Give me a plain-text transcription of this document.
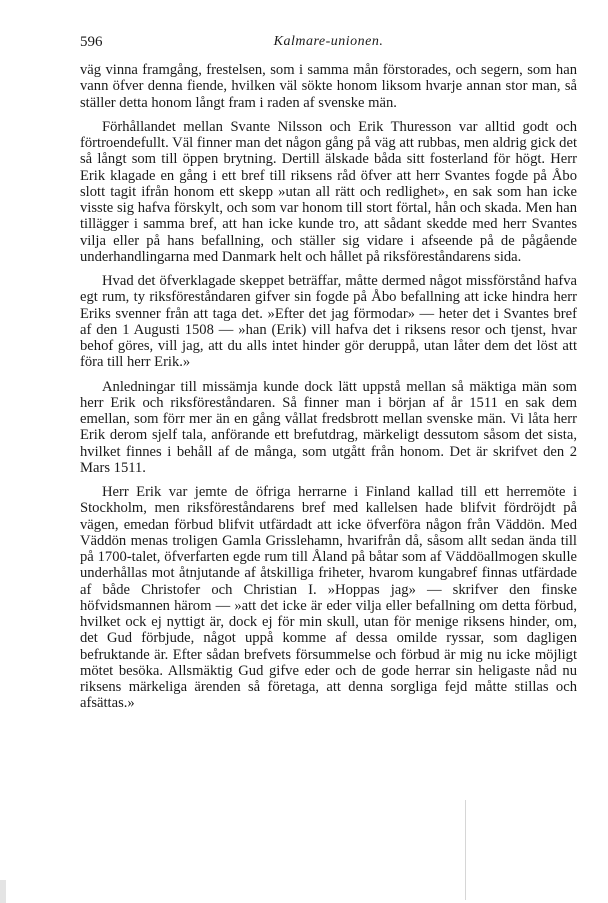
596	Kalmare-unionen.

väg vinna framgång, frestelsen, som i samma mån förstorades, och segern, som han vann öfver denna fiende, hvilken väl sökte honom liksom hvarje annan stor man, så ställer detta honom långt fram i raden af svenske män.

Förhållandet mellan Svante Nilsson och Erik Thuresson var alltid godt och förtroendefullt. Väl finner man det någon gång på väg att rubbas, men aldrig gick det så långt som till öppen brytning. Dertill älskade båda sitt fosterland för högt. Herr Erik klagade en gång i ett bref till riksens råd öfver att herr Svantes fogde på Åbo slott tagit ifrån honom ett skepp »utan all rätt och redlighet», en sak som han icke visste sig hafva förskylt, och som var honom till stort förtal, hån och skada. Men han tillägger i samma bref, att han icke kunde tro, att sådant skedde med herr Svantes vilja eller på hans befallning, och ställer sig vidare i afseende på de pågående underhandlingarna med Danmark helt och hållet på riksföreståndarens sida.

Hvad det öfverklagade skeppet beträffar, måtte dermed något missförstånd hafva egt rum, ty riksföreståndaren gifver sin fogde på Åbo befallning att icke hindra herr Eriks svenner från att taga det. »Efter det jag förmodar» — heter det i Svantes bref af den 1 Augusti 1508 — »han (Erik) vill hafva det i riksens resor och tjenst, hvar behof göres, vill jag, att du alls intet hinder gör deruppå, utan låter dem det löst att föra till herr Erik.»

Anledningar till missämja kunde dock lätt uppstå mellan så mäktiga män som herr Erik och riksföreståndaren. Så finner man i början af år 1511 en sak dem emellan, som förr mer än en gång vållat fredsbrott mellan svenske män. Vi låta herr Erik derom sjelf tala, anförande ett brefutdrag, märkeligt dessutom såsom det sista, hvilket finnes i behåll af de många, som utgått från honom. Det är skrifvet den 2 Mars 1511.

Herr Erik var jemte de öfriga herrarne i Finland kallad till ett herremöte i Stockholm, men riksföreståndarens bref med kallelsen hade blifvit fördröjdt på vägen, emedan förbud blifvit utfärdadt att icke öfverföra någon från Väddön. Med Väddön menas troligen Gamla Grisslehamn, hvarifrån då, såsom allt sedan ända till på 1700-talet, öfverfarten egde rum till Åland på båtar som af Väddöallmogen skulle underhållas mot åtnjutande af åtskilliga friheter, hvarom kungabref finnas utfärdade af både Christofer och Christian I. »Hoppas jag» — skrifver den finske höfvidsmannen härom — »att det icke är eder vilja eller befallning om detta förbud, hvilket ock ej nyttigt är, dock ej för min skull, utan för menige riksens hinder, om, det Gud förbjude, något uppå komme af dessa omilde ryssar, som dagligen befruktande är. Efter sådan brefvets försummelse och förbud är mig nu icke möjligt mötet besöka. Allsmäktig Gud gifve eder och de gode herrar sin heligaste nåd nu riksens märkeliga ärenden så företaga, att denna sorgliga fejd måtte stillas och afsättas.»
